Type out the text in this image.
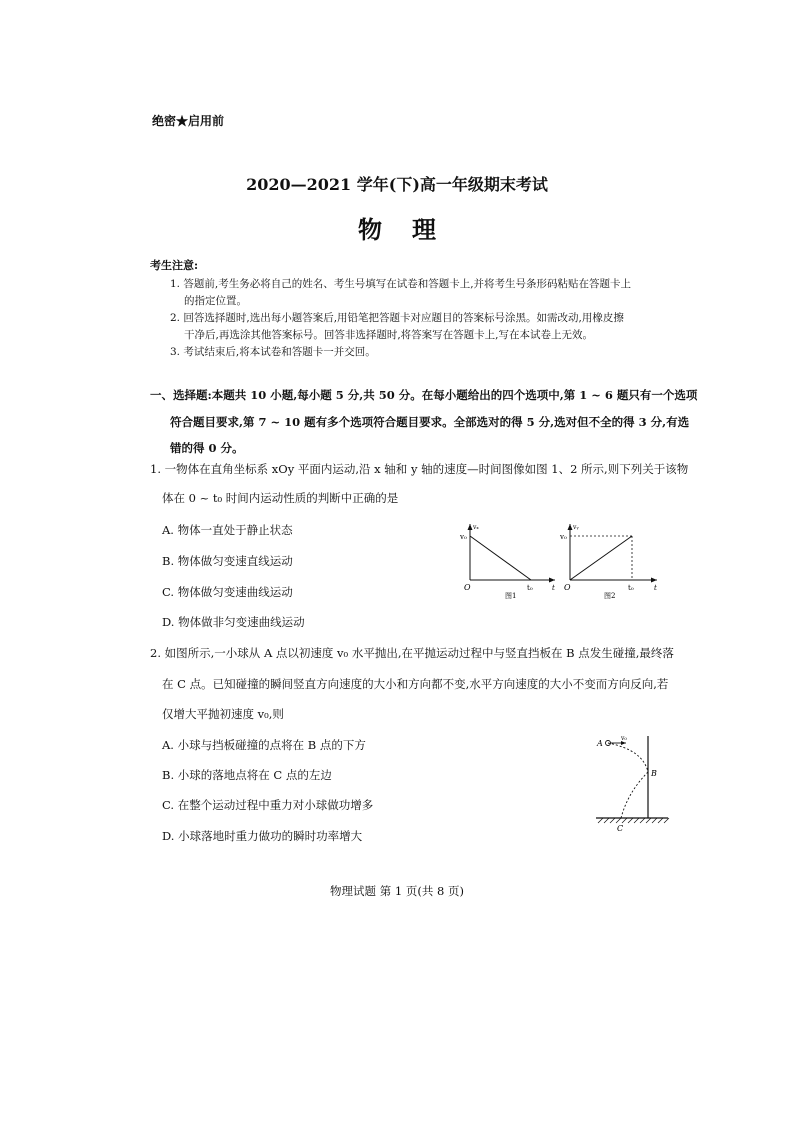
绝密★启用前
2020—2021 学年(下)高一年级期末考试
物理
考生注意:
1. 答题前,考生务必将自己的姓名、考生号填写在试卷和答题卡上,并将考生号条形码粘贴在答题卡上
的指定位置。
2. 回答选择题时,选出每小题答案后,用铅笔把答题卡对应题目的答案标号涂黑。如需改动,用橡皮擦
干净后,再选涂其他答案标号。回答非选择题时,将答案写在答题卡上,写在本试卷上无效。
3. 考试结束后,将本试卷和答题卡一并交回。
一、选择题:本题共 10 小题,每小题 5 分,共 50 分。在每小题给出的四个选项中,第 1 ~ 6 题只有一个选项
符合题目要求,第 7 ~ 10 题有多个选项符合题目要求。全部选对的得 5 分,选对但不全的得 3 分,有选
错的得 0 分。
1. 一物体在直角坐标系 xOy 平面内运动,沿 x 轴和 y 轴的速度—时间图像如图 1、2 所示,则下列关于该物
体在 0 ~ t₀ 时间内运动性质的判断中正确的是
A. 物体一直处于静止状态
B. 物体做匀变速直线运动
C. 物体做匀变速曲线运动
D. 物体做非匀变速曲线运动
vₓ
v₀
t₀
O	t
图1
vᵧ
v₀
t₀
O	t
图2
2. 如图所示,一小球从 A 点以初速度 v₀ 水平抛出,在平抛运动过程中与竖直挡板在 B 点发生碰撞,最终落
在 C 点。已知碰撞的瞬间竖直方向速度的大小和方向都不变,水平方向速度的大小不变而方向反向,若
仅增大平抛初速度 v₀,则
A. 小球与挡板碰撞的点将在 B 点的下方
B. 小球的落地点将在 C 点的左边
C. 在整个运动过程中重力对小球做功增多
D. 小球落地时重力做功的瞬时功率增大
A
v₀
B
C
物理试题 第 1 页(共 8 页)
